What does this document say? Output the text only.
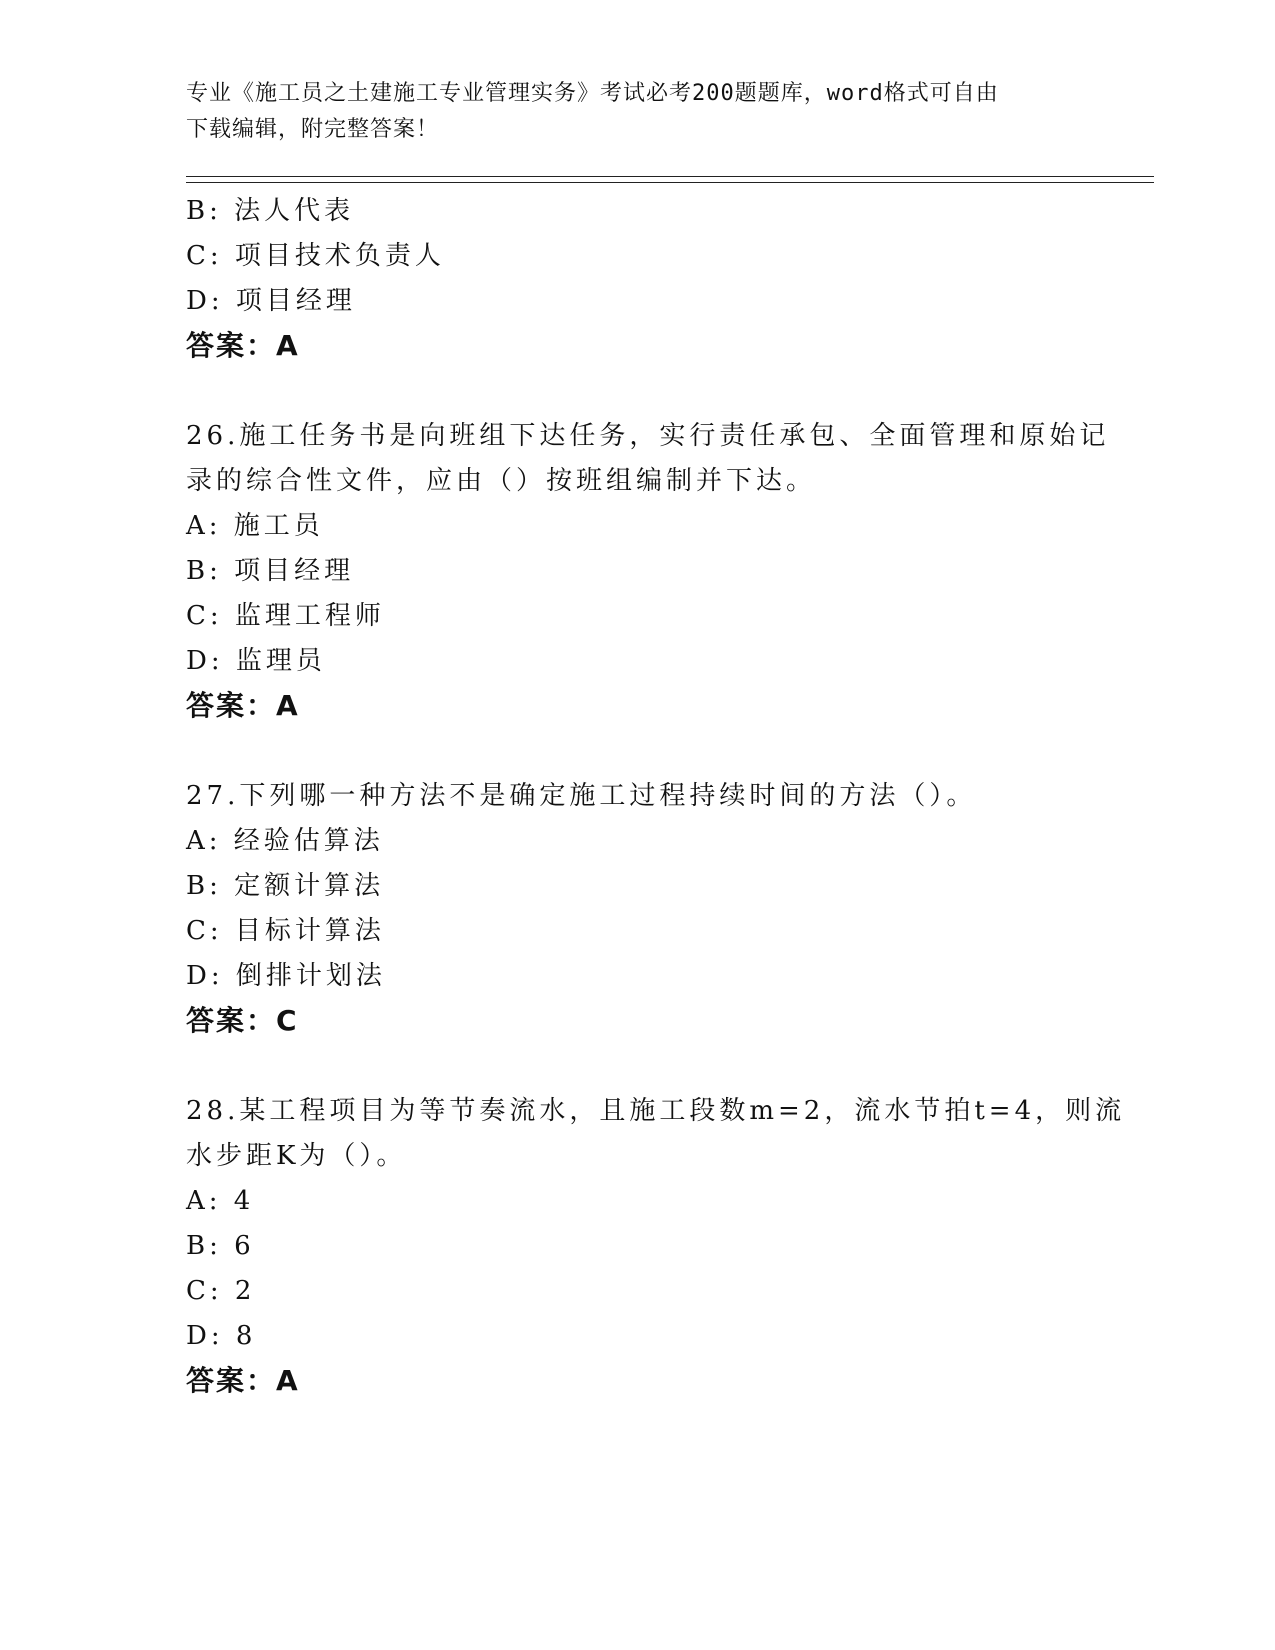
专业《施工员之土建施工专业管理实务》考试必考200题题库，word格式可自由
下载编辑，附完整答案！
B: 法人代表
C: 项目技术负责人
D: 项目经理
答案：A
26.施工任务书是向班组下达任务，实行责任承包、全面管理和原始记
录的综合性文件，应由（）按班组编制并下达。
A: 施工员
B: 项目经理
C: 监理工程师
D: 监理员
答案：A
27.下列哪一种方法不是确定施工过程持续时间的方法（）。
A: 经验估算法
B: 定额计算法
C: 目标计算法
D: 倒排计划法
答案：C
28.某工程项目为等节奏流水，且施工段数m=2，流水节拍t=4，则流
水步距K为（）。
A: 4
B: 6
C: 2
D: 8
答案：A
